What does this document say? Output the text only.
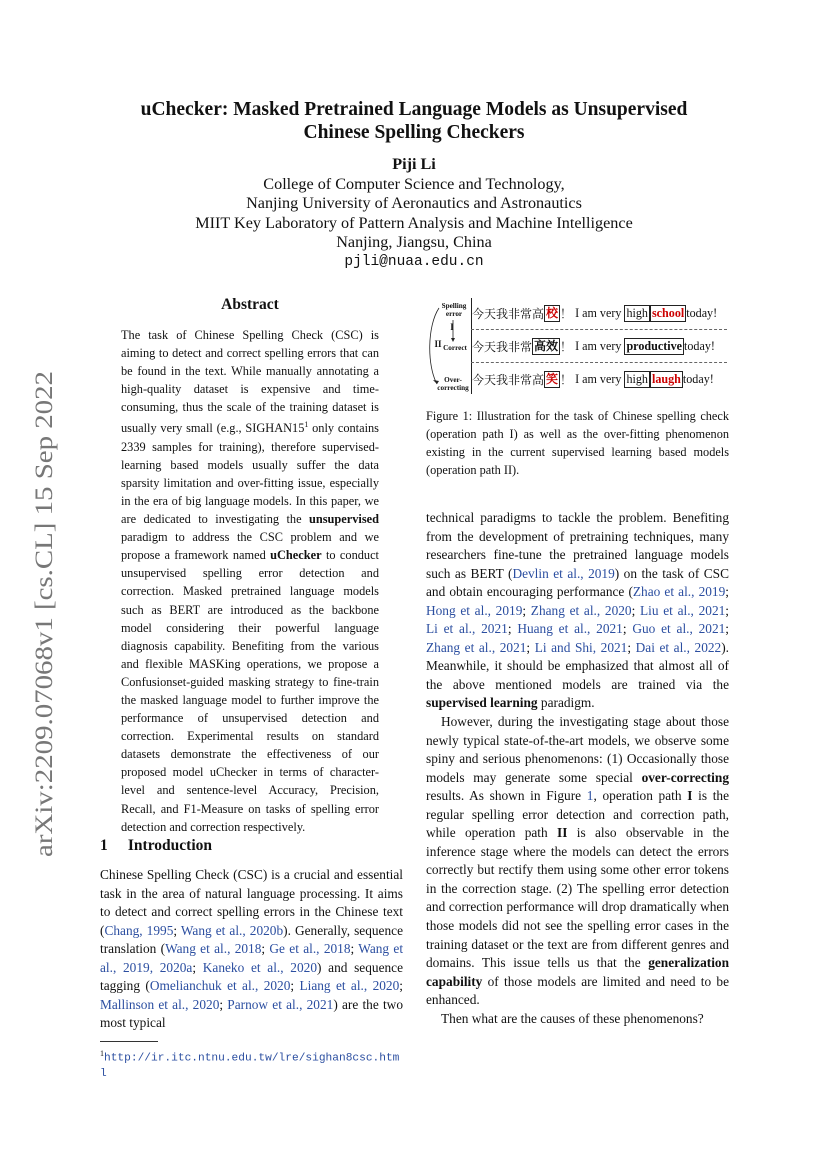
arXiv:2209.07068v1 [cs.CL] 15 Sep 2022
uChecker: Masked Pretrained Language Models as Unsupervised
Chinese Spelling Checkers
Piji Li
College of Computer Science and Technology,
Nanjing University of Aeronautics and Astronautics
MIIT Key Laboratory of Pattern Analysis and Machine Intelligence
Nanjing, Jiangsu, China
pjli@nuaa.edu.cn
Abstract
The task of Chinese Spelling Check (CSC) is aiming to detect and correct spelling errors that can be found in the text. While manually annotating a high-quality dataset is expensive and time-consuming, thus the scale of the training dataset is usually very small (e.g., $SIGHAN15^1$ only contains 2339 samples for training), therefore supervised-learning based models usually suffer the data sparsity limitation and over-fitting issue, especially in the era of big language models. In this paper, we are dedicated to investigating the unsupervised paradigm to address the CSC problem and we propose a framework named uChecker to conduct unsupervised spelling error detection and correction. Masked pretrained language models such as BERT are introduced as the backbone model considering their powerful language diagnosis capability. Benefiting from the various and flexible MASKing operations, we propose a Confusionset-guided masking strategy to fine-train the masked language model to further improve the performance of unsupervised detection and correction. Experimental results on standard datasets demonstrate the effectiveness of our proposed model uChecker in terms of character-level and sentence-level Accuracy, Precision, Recall, and F1-Measure on tasks of spelling error detection and correction respectively.
1 Introduction
Chinese Spelling Check (CSC) is a crucial and essential task in the area of natural language processing. It aims to detect and correct spelling errors in the Chinese text (Chang, 1995; Wang et al., 2020b). Generally, sequence translation (Wang et al., 2018; Ge et al., 2018; Wang et al., 2019, 2020a; Kaneko et al., 2020) and sequence tagging (Omelianchuk et al., 2020; Liang et al., 2020; Mallinson et al., 2020; Parnow et al., 2021) are the two most typical
$^1$http://ir.itc.ntnu.edu.tw/lre/sighan8csc.html
Spelling error
I
II Correct
Over-correcting
今天我非常高 校 ！
I am very
high school today!
今天我非常 高效 ！
I am very
productive today!
今天我非常高 笑 ！
I am very
high laugh today!
Figure 1: Illustration for the task of Chinese spelling check (operation path I) as well as the over-fitting phenomenon existing in the current supervised learning based models (operation path II).

technical paradigms to tackle the problem. Benefiting from the development of pretraining techniques, many researchers fine-tune the pretrained language models such as BERT (Devlin et al., 2019) on the task of CSC and obtain encouraging performance (Zhao et al., 2019; Hong et al., 2019; Zhang et al., 2020; Liu et al., 2021; Li et al., 2021; Huang et al., 2021; Guo et al., 2021; Zhang et al., 2021; Li and Shi, 2021; Dai et al., 2022). Meanwhile, it should be emphasized that almost all of the above mentioned models are trained via the supervised learning paradigm.

However, during the investigating stage about those newly typical state-of-the-art models, we observe some spiny and serious phenomenons: (1) Occasionally those models may generate some special over-correcting results. As shown in Figure 1, operation path I is the regular spelling error detection and correction path, while operation path II is also observable in the inference stage where the models can detect the errors correctly but rectify them using some other error tokens in the correction stage. (2) The spelling error detection and correction performance will drop dramatically when those models did not see the spelling error cases in the training dataset or the text are from different genres and domains. This issue tells us that the generalization capability of those models are limited and need to be enhanced.

Then what are the causes of these phenomenons?
